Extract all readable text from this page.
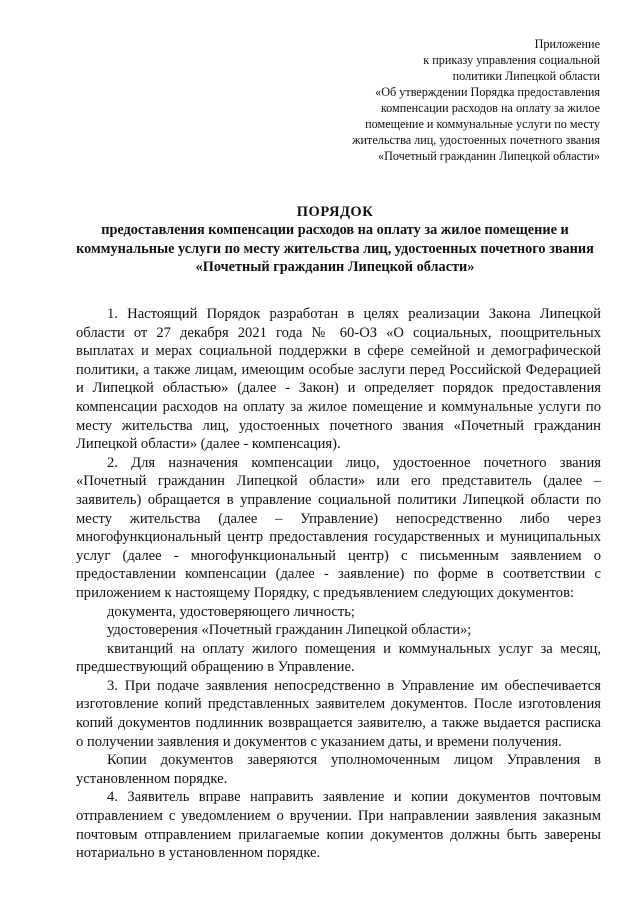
Приложение
к приказу управления социальной
политики Липецкой области
«Об утверждении Порядка предоставления
компенсации расходов на оплату за жилое
помещение и коммунальные услуги по месту
жительства лиц, удостоенных почетного звания
«Почетный гражданин Липецкой области»
ПОРЯДОК
предоставления компенсации расходов на оплату за жилое помещение и коммунальные услуги по месту жительства лиц, удостоенных почетного звания «Почетный гражданин Липецкой области»

1. Настоящий Порядок разработан в целях реализации Закона Липецкой области от 27 декабря 2021 года № 60-ОЗ «О социальных, поощрительных выплатах и мерах социальной поддержки в сфере семейной и демографической политики, а также лицам, имеющим особые заслуги перед Российской Федерацией и Липецкой областью» (далее - Закон) и определяет порядок предоставления компенсации расходов на оплату за жилое помещение и коммунальные услуги по месту жительства лиц, удостоенных почетного звания «Почетный гражданин Липецкой области» (далее - компенсация).

2. Для назначения компенсации лицо, удостоенное почетного звания «Почетный гражданин Липецкой области» или его представитель (далее – заявитель) обращается в управление социальной политики Липецкой области по месту жительства (далее – Управление) непосредственно либо через многофункциональный центр предоставления государственных и муниципальных услуг (далее - многофункциональный центр) с письменным заявлением о предоставлении компенсации (далее - заявление) по форме в соответствии с приложением к настоящему Порядку, с предъявлением следующих документов:

документа, удостоверяющего личность;

удостоверения «Почетный гражданин Липецкой области»;

квитанций на оплату жилого помещения и коммунальных услуг за месяц, предшествующий обращению в Управление.

3. При подаче заявления непосредственно в Управление им обеспечивается изготовление копий представленных заявителем документов. После изготовления копий документов подлинник возвращается заявителю, а также выдается расписка о получении заявления и документов с указанием даты, и времени получения.

Копии документов заверяются уполномоченным лицом Управления в установленном порядке.

4. Заявитель вправе направить заявление и копии документов почтовым отправлением с уведомлением о вручении. При направлении заявления заказным почтовым отправлением прилагаемые копии документов должны быть заверены нотариально в установленном порядке.
